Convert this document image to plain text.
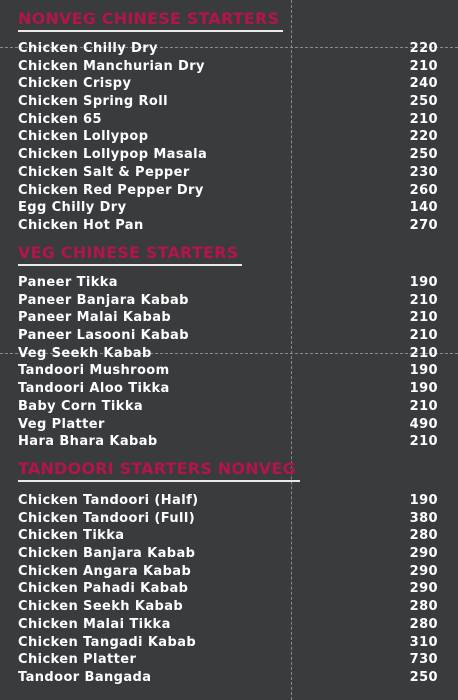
NONVEG CHINESE STARTERS
Chicken Chilly Dry	220
Chicken Manchurian Dry	210
Chicken Crispy	240
Chicken Spring Roll	250
Chicken 65	210
Chicken Lollypop	220
Chicken Lollypop Masala	250
Chicken Salt & Pepper	230
Chicken Red Pepper Dry	260
Egg Chilly Dry	140
Chicken Hot Pan	270
VEG CHINESE STARTERS
Paneer Tikka	190
Paneer Banjara Kabab	210
Paneer Malai Kabab	210
Paneer Lasooni Kabab	210
Veg Seekh Kabab	210
Tandoori Mushroom	190
Tandoori Aloo Tikka	190
Baby Corn Tikka	210
Veg Platter	490
Hara Bhara Kabab	210
TANDOORI STARTERS NONVEG
Chicken Tandoori (Half)	190
Chicken Tandoori (Full)	380
Chicken Tikka	280
Chicken Banjara Kabab	290
Chicken Angara Kabab	290
Chicken Pahadi Kabab	290
Chicken Seekh Kabab	280
Chicken Malai Tikka	280
Chicken Tangadi Kabab	310
Chicken Platter	730
Tandoor Bangada	250
